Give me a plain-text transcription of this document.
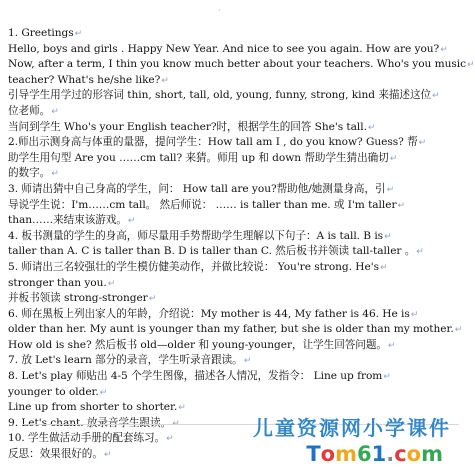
·
1. Greetings↵
Hello, boys and girls . Happy New Year. And nice to see you again. How are you?↵
Now, after a term, I thin you know much better about your teachers. Who's you music↵
teacher? What's he/she like?↵
引导学生用学过的形容词 thin, short, tall, old, young, funny, strong, kind 来描述这位↵
位老师。↵
当问到学生 Who's your English teacher?时，根据学生的回答 She's tall.↵
2.师出示测身高与体重的量器，提问学生：How tall am I , do you know? Guess? 帮↵
助学生用句型 Are you ……cm tall? 来猜。师用 up 和 down 帮助学生猜出确切↵
的数字。↵
3. 师请出猜中自己身高的学生，问： How tall are you?帮助他/她测量身高，引↵
导说学生说：I'm……cm tall。 然后师说： …… is taller than me. 或 I'm taller↵
than……来结束该游戏。↵
4. 板书测量的学生的身高，师尽量用手势帮助学生理解以下句子：A is tall. B is↵
taller than A. C is taller than B. D is taller than C. 然后板书并领读 tall-taller 。↵
5. 师请出三名较强壮的学生模仿健美动作，并做比较说： You're strong. He's↵
stronger than you.↵
并板书领读 strong-stronger↵
6. 师在黑板上列出家人的年龄，介绍说：My mother is 44, My father is 46. He is↵
older than her. My aunt is younger than my father, but she is older than my mother.↵
How old is she? 然后板书 old—older 和 young-younger，让学生回答问题。↵
7. 放 Let's learn 部分的录音，学生听录音跟读。↵
8. Let's play 师贴出 4-5 个学生图像，描述各人情况，发指令： Line up from↵
younger to older.↵
Line up from shorter to shorter.↵
9. Let's chant. 放录音学生跟读。↵
10. 学生做活动手册的配套练习。↵
反思：效果很好的。↵
儿童资源网小学课件
T o m 6 1 . c o m
